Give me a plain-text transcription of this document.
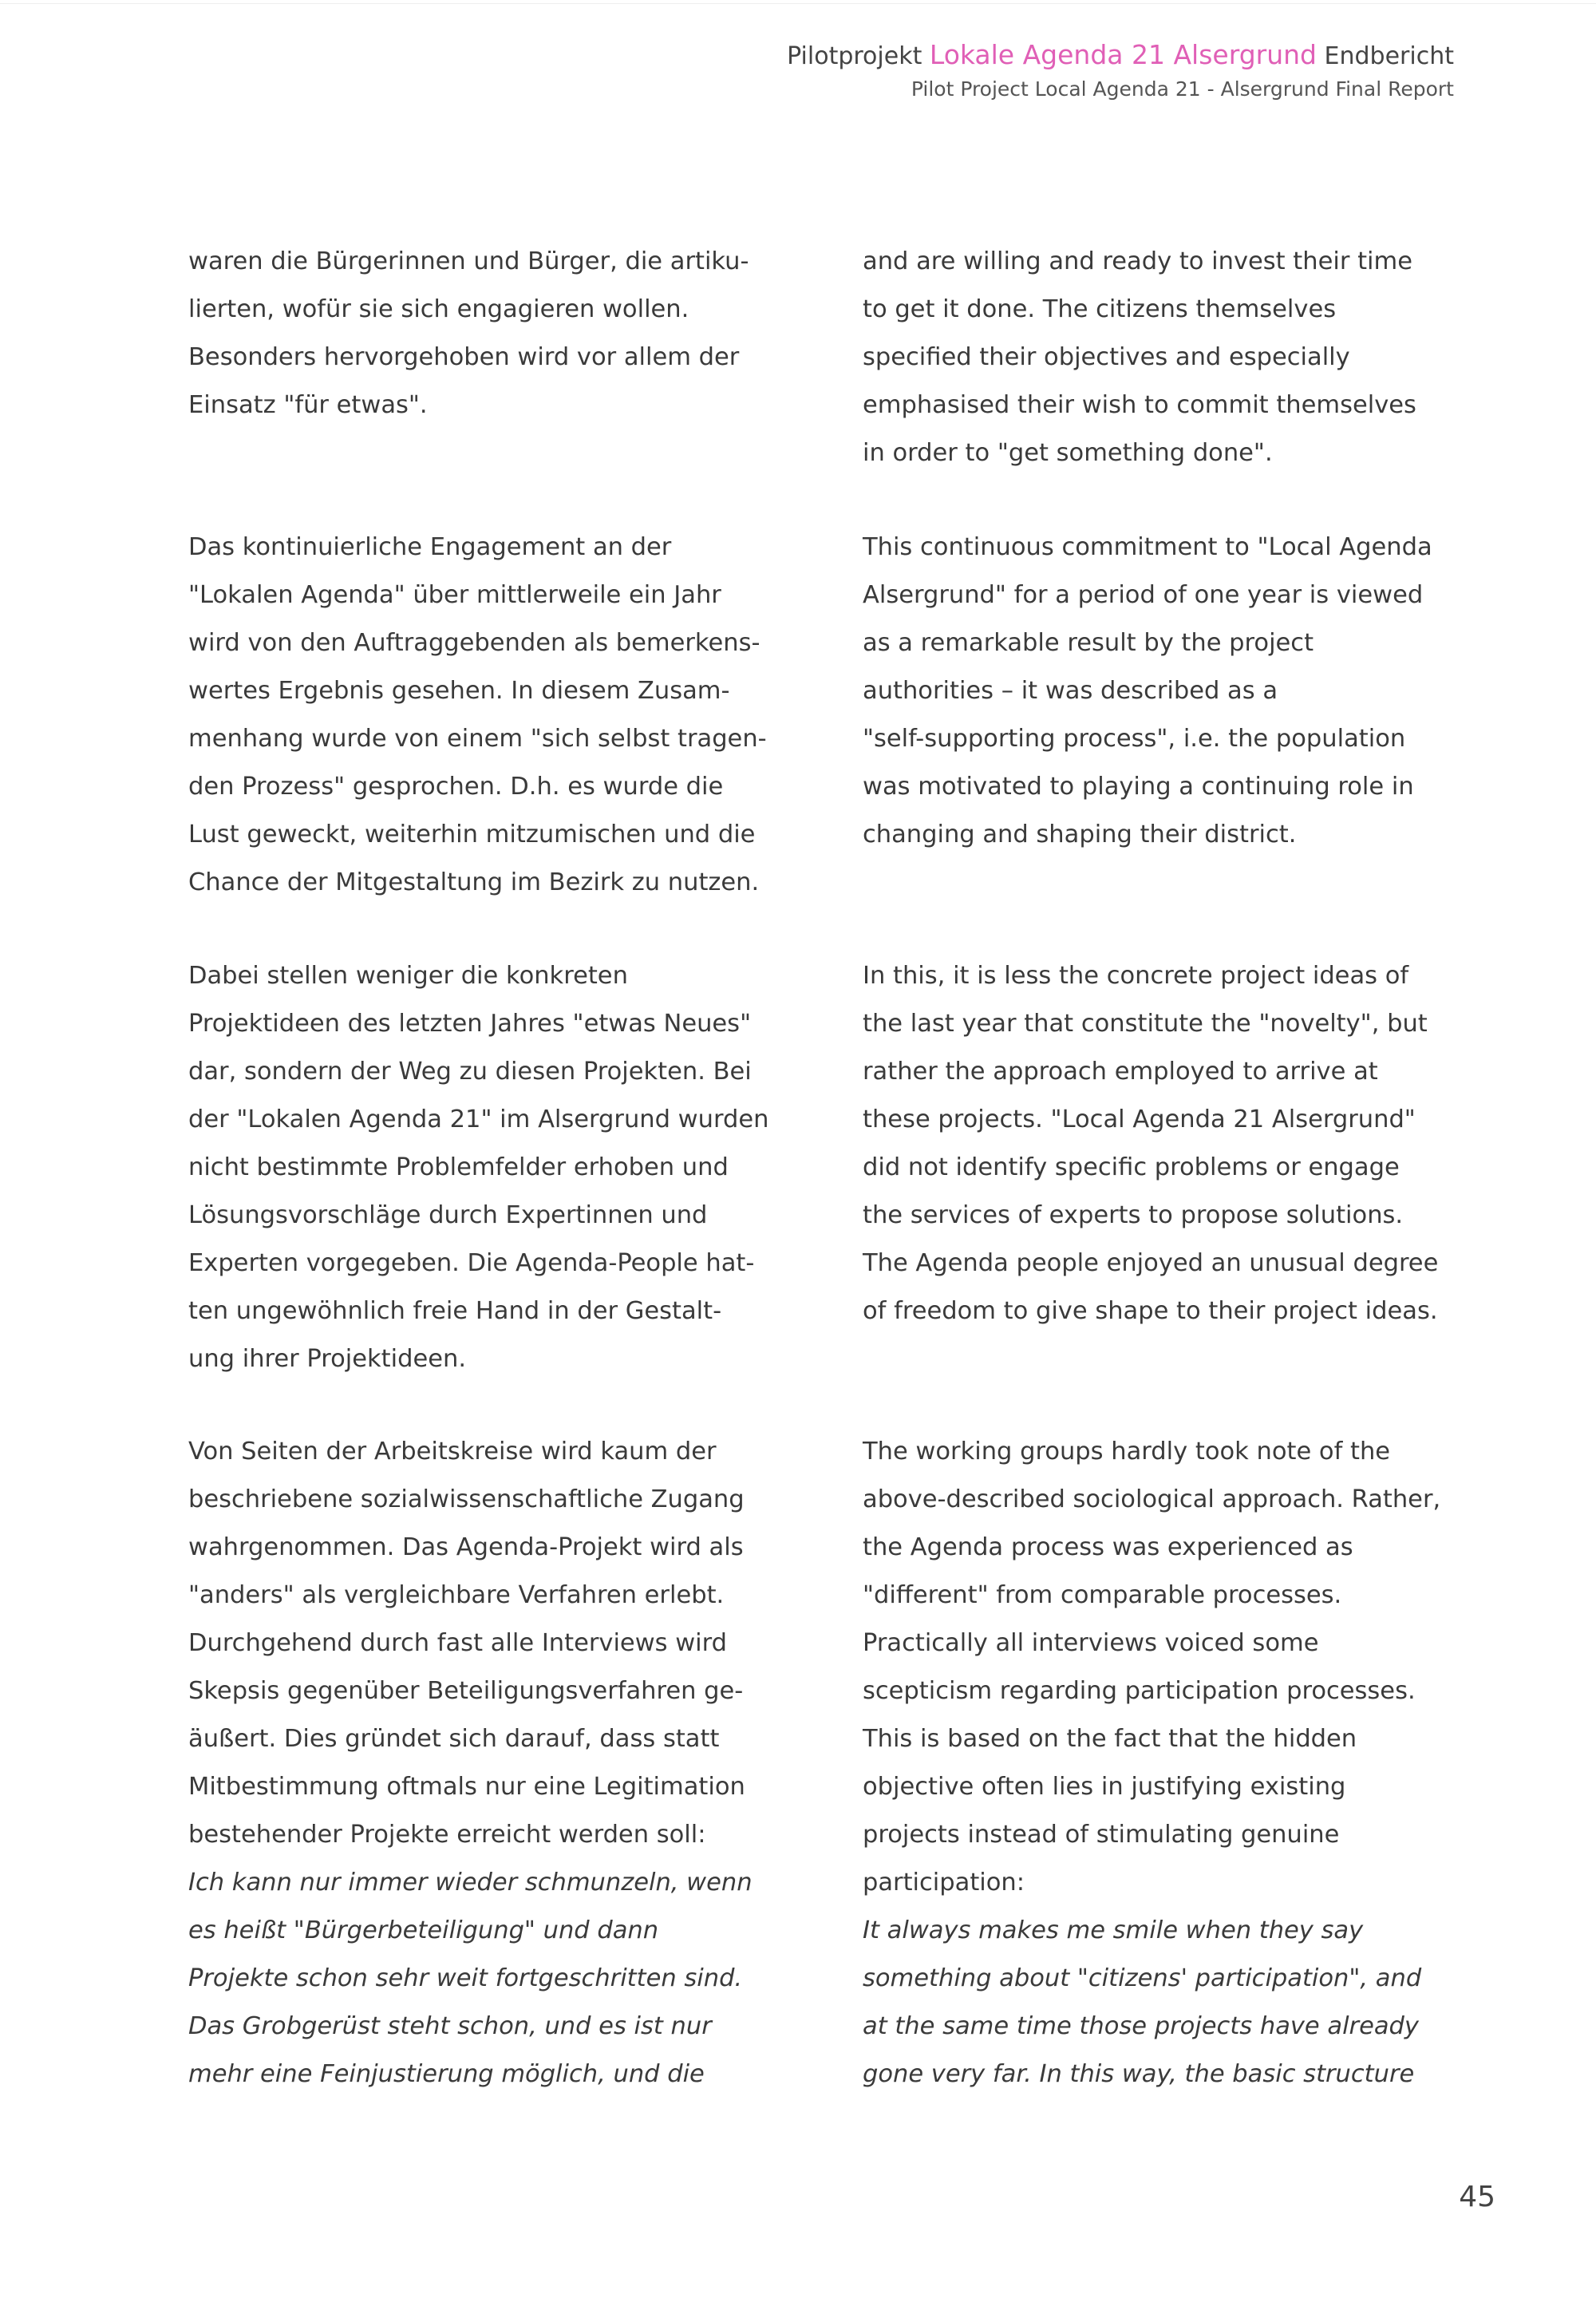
Pilotprojekt Lokale Agenda 21 Alsergrund Endbericht
Pilot Project Local Agenda 21 - Alsergrund Final Report
waren die Bürgerinnen und Bürger, die artiku-
lierten, wofür sie sich engagieren wollen.
Besonders hervorgehoben wird vor allem der
Einsatz "für etwas".
Das kontinuierliche Engagement an der
"Lokalen Agenda" über mittlerweile ein Jahr
wird von den Auftraggebenden als bemerkens-
wertes Ergebnis gesehen. In diesem Zusam-
menhang wurde von einem "sich selbst tragen-
den Prozess" gesprochen. D.h. es wurde die
Lust geweckt, weiterhin mitzumischen und die
Chance der Mitgestaltung im Bezirk zu nutzen.
Dabei stellen weniger die konkreten
Projektideen des letzten Jahres "etwas Neues"
dar, sondern der Weg zu diesen Projekten. Bei
der "Lokalen Agenda 21" im Alsergrund wurden
nicht bestimmte Problemfelder erhoben und
Lösungsvorschläge durch Expertinnen und
Experten vorgegeben. Die Agenda-People hat-
ten ungewöhnlich freie Hand in der Gestalt-
ung ihrer Projektideen.
Von Seiten der Arbeitskreise wird kaum der
beschriebene sozialwissenschaftliche Zugang
wahrgenommen. Das Agenda-Projekt wird als
"anders" als vergleichbare Verfahren erlebt.
Durchgehend durch fast alle Interviews wird
Skepsis gegenüber Beteiligungsverfahren ge-
äußert. Dies gründet sich darauf, dass statt
Mitbestimmung oftmals nur eine Legitimation
bestehender Projekte erreicht werden soll:
Ich kann nur immer wieder schmunzeln, wenn
es heißt "Bürgerbeteiligung" und dann
Projekte schon sehr weit fortgeschritten sind.
Das Grobgerüst steht schon, und es ist nur
mehr eine Feinjustierung möglich, und die
and are willing and ready to invest their time
to get it done. The citizens themselves
specified their objectives and especially
emphasised their wish to commit themselves
in order to "get something done".
This continuous commitment to "Local Agenda
Alsergrund" for a period of one year is viewed
as a remarkable result by the project
authorities – it was described as a
"self-supporting process", i.e. the population
was motivated to playing a continuing role in
changing and shaping their district.
In this, it is less the concrete project ideas of
the last year that constitute the "novelty", but
rather the approach employed to arrive at
these projects. "Local Agenda 21 Alsergrund"
did not identify specific problems or engage
the services of experts to propose solutions.
The Agenda people enjoyed an unusual degree
of freedom to give shape to their project ideas.
The working groups hardly took note of the
above-described sociological approach. Rather,
the Agenda process was experienced as
"different" from comparable processes.
Practically all interviews voiced some
scepticism regarding participation processes.
This is based on the fact that the hidden
objective often lies in justifying existing
projects instead of stimulating genuine
participation:
It always makes me smile when they say
something about "citizens' participation", and
at the same time those projects have already
gone very far. In this way, the basic structure
45
